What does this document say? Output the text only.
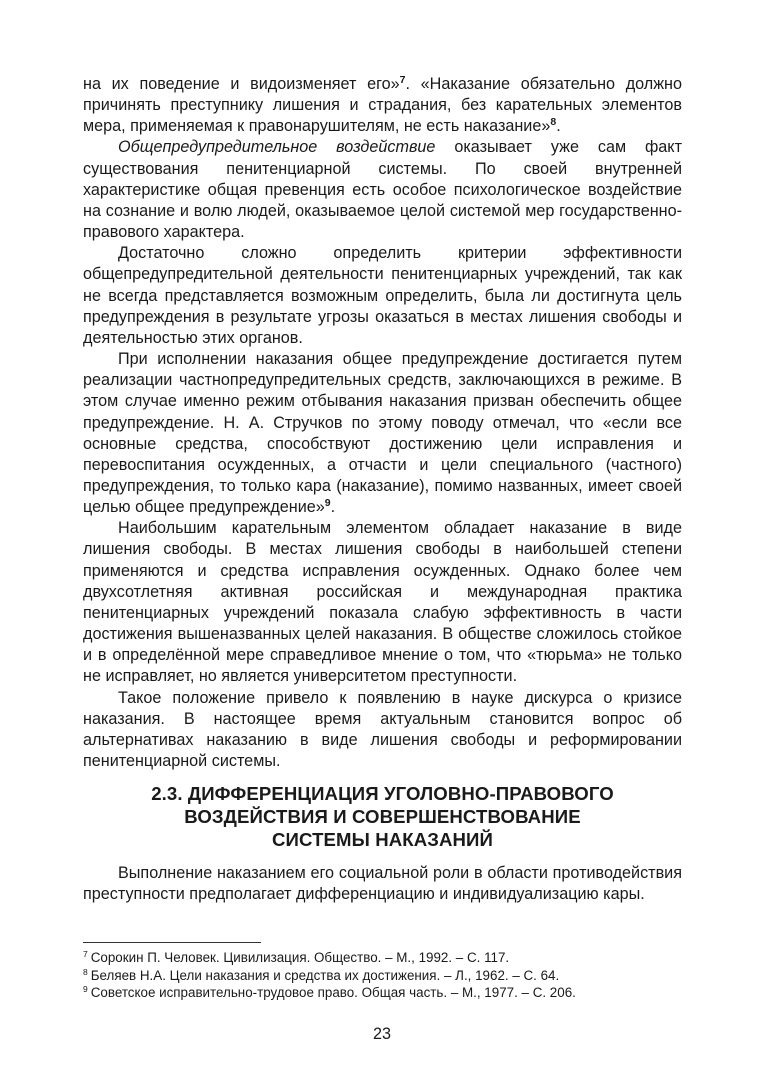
на их поведение и видоизменяет его»$^7$. «Наказание обязательно должно причинять преступнику лишения и страдания, без карательных элементов мера, применяемая к правонарушителям, не есть наказание»$^8$.

Общепредупредительное воздействие оказывает уже сам факт существования пенитенциарной системы. По своей внутренней характеристике общая превенция есть особое психологическое воздействие на сознание и волю людей, оказываемое целой системой мер государственно-правового характера.

Достаточно сложно определить критерии эффективности общепредупредительной деятельности пенитенциарных учреждений, так как не всегда представляется возможным определить, была ли достигнута цель предупреждения в результате угрозы оказаться в местах лишения свободы и деятельностью этих органов.

При исполнении наказания общее предупреждение достигается путем реализации частнопредупредительных средств, заключающихся в режиме. В этом случае именно режим отбывания наказания призван обеспечить общее предупреждение. Н. А. Стручков по этому поводу отмечал, что «если все основные средства, способствуют достижению цели исправления и перевоспитания осужденных, а отчасти и цели специального (частного) предупреждения, то только кара (наказание), помимо названных, имеет своей целью общее предупреждение»$^9$.

Наибольшим карательным элементом обладает наказание в виде лишения свободы. В местах лишения свободы в наибольшей степени применяются и средства исправления осужденных. Однако более чем двухсотлетняя активная российская и международная практика пенитенциарных учреждений показала слабую эффективность в части достижения вышеназванных целей наказания. В обществе сложилось стойкое и в определённой мере справедливое мнение о том, что «тюрьма» не только не исправляет, но является университетом преступности.

Такое положение привело к появлению в науке дискурса о кризисе наказания. В настоящее время актуальным становится вопрос об альтернативах наказанию в виде лишения свободы и реформировании пенитенциарной системы.

2.3. ДИФФЕРЕНЦИАЦИЯ УГОЛОВНО-ПРАВОВОГО
ВОЗДЕЙСТВИЯ И СОВЕРШЕНСТВОВАНИЕ
СИСТЕМЫ НАКАЗАНИЙ

Выполнение наказанием его социальной роли в области противодействия преступности предполагает дифференциацию и индивидуализацию кары.

$^7$ Сорокин П. Человек. Цивилизация. Общество. – М., 1992. – С. 117.
$^8$ Беляев Н.А. Цели наказания и средства их достижения. – Л., 1962. – С. 64.
$^9$ Советское исправительно-трудовое право. Общая часть. – М., 1977. – С. 206.
23
